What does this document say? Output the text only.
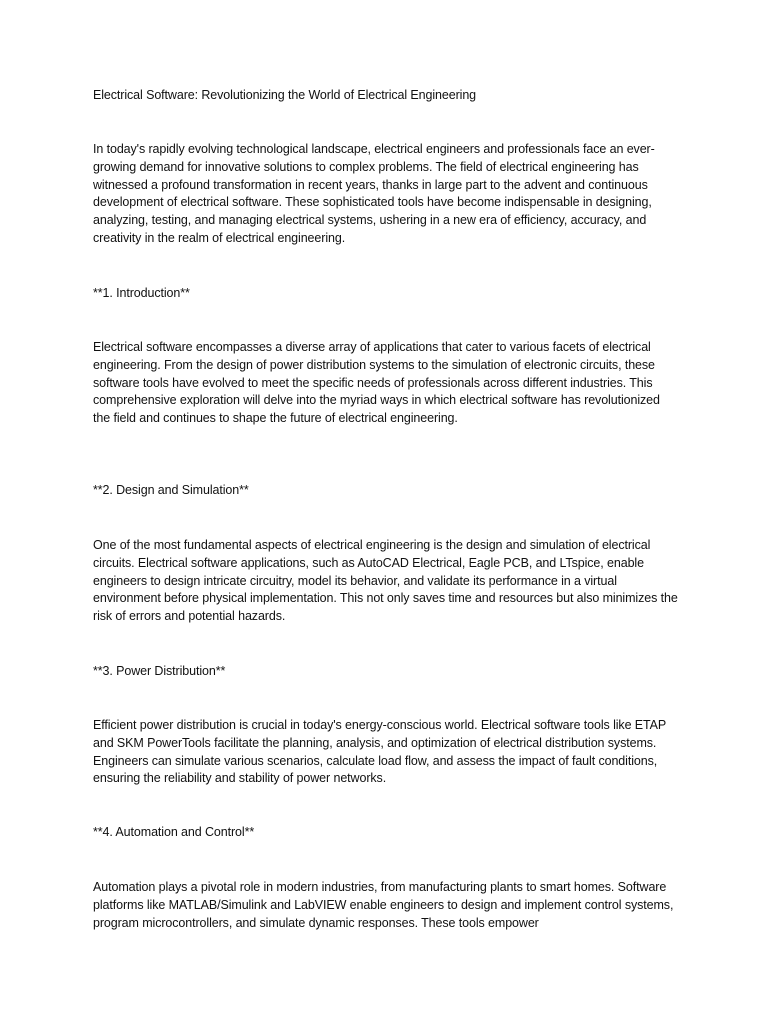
Electrical Software: Revolutionizing the World of Electrical Engineering

In today's rapidly evolving technological landscape, electrical engineers and professionals face an ever-growing demand for innovative solutions to complex problems. The field of electrical engineering has witnessed a profound transformation in recent years, thanks in large part to the advent and continuous development of electrical software. These sophisticated tools have become indispensable in designing, analyzing, testing, and managing electrical systems, ushering in a new era of efficiency, accuracy, and creativity in the realm of electrical engineering.

**1. Introduction**

Electrical software encompasses a diverse array of applications that cater to various facets of electrical engineering. From the design of power distribution systems to the simulation of electronic circuits, these software tools have evolved to meet the specific needs of professionals across different industries. This comprehensive exploration will delve into the myriad ways in which electrical software has revolutionized the field and continues to shape the future of electrical engineering.

**2. Design and Simulation**

One of the most fundamental aspects of electrical engineering is the design and simulation of electrical circuits. Electrical software applications, such as AutoCAD Electrical, Eagle PCB, and LTspice, enable engineers to design intricate circuitry, model its behavior, and validate its performance in a virtual environment before physical implementation. This not only saves time and resources but also minimizes the risk of errors and potential hazards.

**3. Power Distribution**

Efficient power distribution is crucial in today's energy-conscious world. Electrical software tools like ETAP and SKM PowerTools facilitate the planning, analysis, and optimization of electrical distribution systems. Engineers can simulate various scenarios, calculate load flow, and assess the impact of fault conditions, ensuring the reliability and stability of power networks.

**4. Automation and Control**

Automation plays a pivotal role in modern industries, from manufacturing plants to smart homes. Software platforms like MATLAB/Simulink and LabVIEW enable engineers to design and implement control systems, program microcontrollers, and simulate dynamic responses. These tools empower
